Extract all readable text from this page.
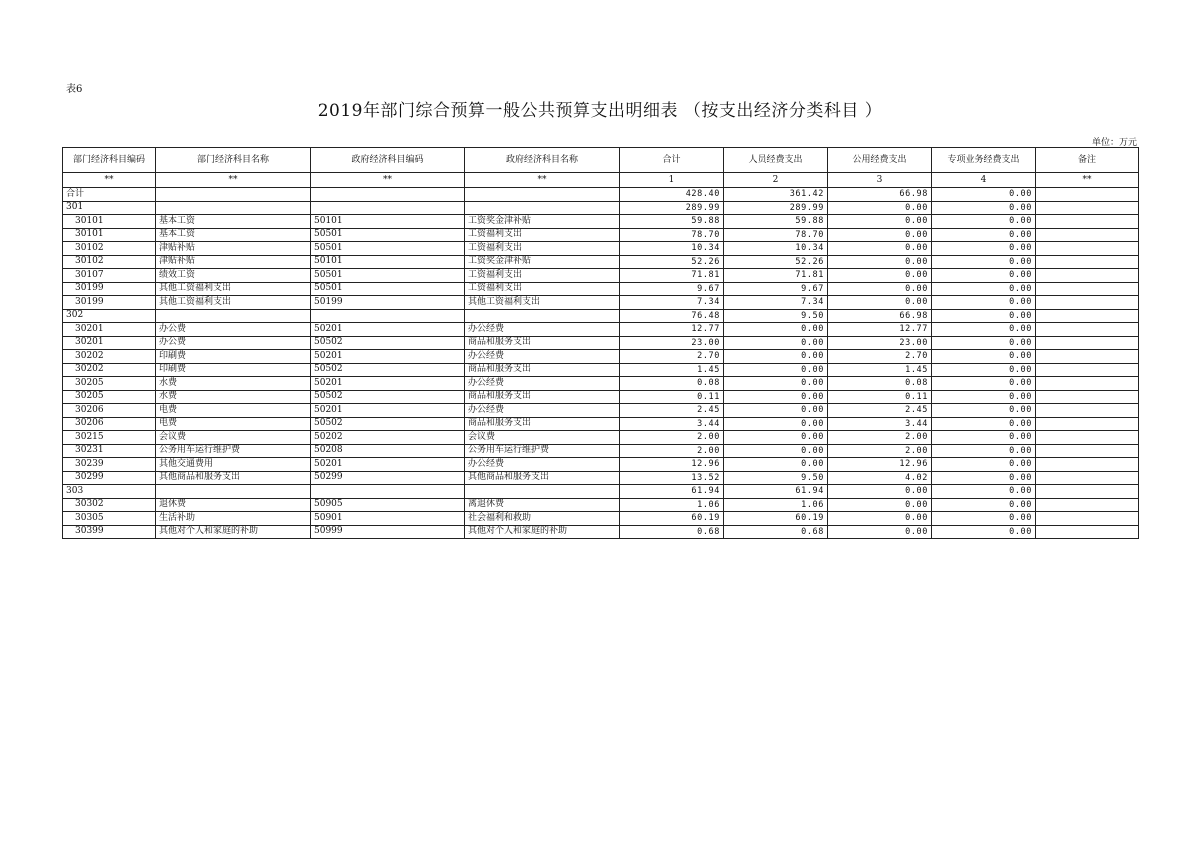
表6
2019年部门综合预算一般公共预算支出明细表 （按支出经济分类科目 ）
单位：万元
部门经济科目编码	部门经济科目名称	政府经济科目编码	政府经济科目名称	合计	人员经费支出	公用经费支出	专项业务经费支出	备注
**	**	**	**	1	2	3	4	**
合计				428.40	361.42	66.98	0.00	
301				289.99	289.99	0.00	0.00	
30101	基本工资	50101	工资奖金津补贴	59.88	59.88	0.00	0.00	
30101	基本工资	50501	工资福利支出	78.70	78.70	0.00	0.00	
30102	津贴补贴	50501	工资福利支出	10.34	10.34	0.00	0.00	
30102	津贴补贴	50101	工资奖金津补贴	52.26	52.26	0.00	0.00	
30107	绩效工资	50501	工资福利支出	71.81	71.81	0.00	0.00	
30199	其他工资福利支出	50501	工资福利支出	9.67	9.67	0.00	0.00	
30199	其他工资福利支出	50199	其他工资福利支出	7.34	7.34	0.00	0.00	
302				76.48	9.50	66.98	0.00	
30201	办公费	50201	办公经费	12.77	0.00	12.77	0.00	
30201	办公费	50502	商品和服务支出	23.00	0.00	23.00	0.00	
30202	印刷费	50201	办公经费	2.70	0.00	2.70	0.00	
30202	印刷费	50502	商品和服务支出	1.45	0.00	1.45	0.00	
30205	水费	50201	办公经费	0.08	0.00	0.08	0.00	
30205	水费	50502	商品和服务支出	0.11	0.00	0.11	0.00	
30206	电费	50201	办公经费	2.45	0.00	2.45	0.00	
30206	电费	50502	商品和服务支出	3.44	0.00	3.44	0.00	
30215	会议费	50202	会议费	2.00	0.00	2.00	0.00	
30231	公务用车运行维护费	50208	公务用车运行维护费	2.00	0.00	2.00	0.00	
30239	其他交通费用	50201	办公经费	12.96	0.00	12.96	0.00	
30299	其他商品和服务支出	50299	其他商品和服务支出	13.52	9.50	4.02	0.00	
303				61.94	61.94	0.00	0.00	
30302	退休费	50905	离退休费	1.06	1.06	0.00	0.00	
30305	生活补助	50901	社会福利和救助	60.19	60.19	0.00	0.00	
30399	其他对个人和家庭的补助	50999	其他对个人和家庭的补助	0.68	0.68	0.00	0.00	
